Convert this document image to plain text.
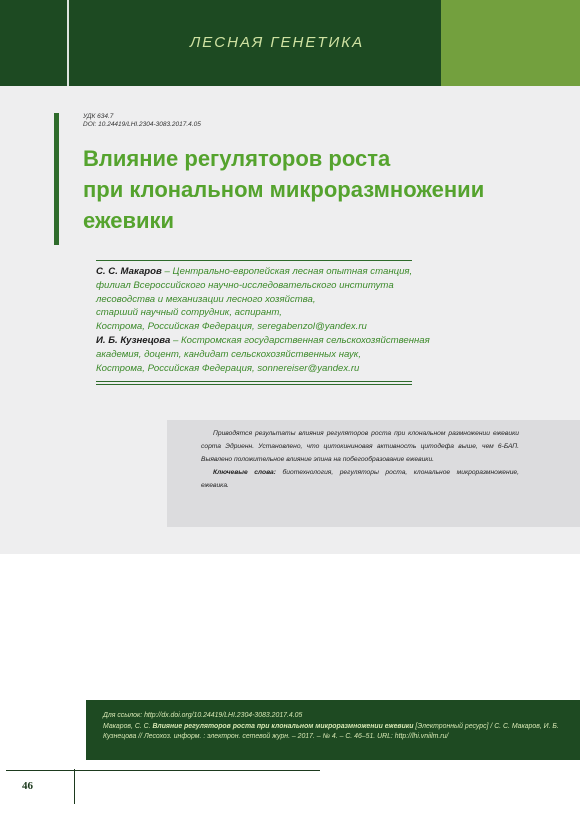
ЛЕСНАЯ ГЕНЕТИКА
УДК 634.7
DOI: 10.24419/LHI.2304-3083.2017.4.05
Влияние регуляторов роста
при клональном микроразмножении
ежевики
С. С. Макаров – Центрально-европейская лесная опытная станция,
филиал Всероссийского научно-исследовательского института
лесоводства и механизации лесного хозяйства,
старший научный сотрудник, аспирант,
Кострома, Российская Федерация, seregabenzol@yandex.ru
И. Б. Кузнецова – Костромская государственная сельскохозяйственная
академия, доцент, кандидат сельскохозяйственных наук,
Кострома, Российская Федерация, sonnereiser@yandex.ru

Приводятся результаты влияния регуляторов роста при клональном размножении ежевики сорта Эдриенн. Установлено, что цитокининовая активность цитодефа выше, чем 6-БАП. Выявлено положительное влияние эпина на побегообразование ежевики.

Ключевые слова: биотехнология, регуляторы роста, клональное микроразмножение, ежевика.

Для ссылок: http://dx.doi.org/10.24419/LHI.2304-3083.2017.4.05
Макаров, С. С. Влияние регуляторов роста при клональном микроразмножении ежевики [Электронный ресурс] / С. С. Макаров, И. Б. Кузнецова // Лесохоз. информ. : электрон. сетевой журн. – 2017. – № 4. – С. 46–51. URL: http://lhi.vniilm.ru/
46
